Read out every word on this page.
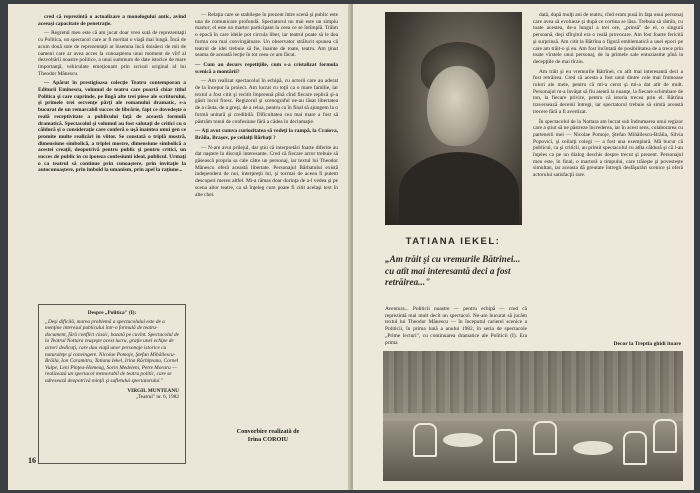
cred că reprezintă o actualizare a monologului antic, avînd aceeaşi capacitate de penetraţie.

— Regretul meu este că am jucat doar vreo sută de reprezentaţii cu Politica, un spectacol care ar fi meritat o viaţă mai lungă. Încă de acum două sute de reprezentaţii ar însemna încă doisăeci de mii de oameni care ar avea acces la cunoaşterea unui moment de vîrf al dezvoltării noastre politice, a unui summum de date istorice de mare importanţă, vehiculate emoţionant prin scrisul original al lui Theodor Mănescu.

— Apărut în prestigioasa colecţie Teatru contemporan a Editurii Eminescu, volumul de teatru care poartă chiar titlul Politica şi care cuprinde, pe lîngă alte trei piese ale scriitorului, şi primele trei secvenţe părţi ale romanului dramatic, s-a bucurat de un remarcabil succes de librărie, fapt ce dovedeşte o reală receptivitate a publicului faţă de această formulă dramatică. Spectacolul şi volumul au fost salutaţi de critici cu o căldură şi o consideraţie care conferă o uşă înaintea unui gen ce promite multe realizări în viitor. Se constată o triplă mostră, dimensiune simbolică, a triplei mostre, dimensiune simbolică a acestei creaţii, deopotrivă pentru public şi pentru critici, un succes de public în cu ipoteza confesiunii ideal, publicul. Urmaţi o ca teatrul să continue prin cunoaştere, prin invitaţie la autocunoaştere, prin imbold la umanism, prin apel la raţiune...

— Relaţia care se stabileşte în prezent între scenă şi public este una de comunicare profundă. Spectatorul nu mai este un simplu martor; el este un martor participant la ceea ce se întîmplă. Trăim o epocă în care ideile pot circula liber, iar teatrul poate să le dea forma cea mai convingătoare. Un observator strălucit spunea că teatrul de idei trebuie să fie, înainte de toate, teatru. Am ţinut seama de această lecţie în tot ceea ce am făcut.

— Cum au decurs repetiţiile, cum s-a cristalizat formula scenică a montării?

— Am realizat spectacolul în echipă, cu actorii care au aderat de la început la proiect. Am lucrat cu toţii ca o mare familie, iar textul a fost citit şi recitit împreună pînă cînd fiecare replică şi-a găsit locul firesc. Regizorul şi scenograful ne-au lăsat libertatea de a căuta, de a greşi, de a relua, pentru ca în final să ajungem la o formă unitară şi credibilă. Dificultatea cea mai mare a fost să păstrăm tonul de confesiune fără a cădea în declamaţie.

— Aţi avut cumva curiozitatea să vedeţi la rampă, la Craiova, Brăila, Braşov, pe ceilalţi Bărbaţi ?

— N-am avut prilejul, dar ştiu că interpretări foarte diferite au dat naştere la discuţii interesante. Cred că fiecare actor trebuie să găsească propria sa cale către un personaj, iar textul lui Theodor Mănescu oferă această libertate. Personajul Bărbatului există independent de noi, interpreţii lui, şi tocmai de aceea îl putem descoperi mereu altfel. Mi-a rămas doar dorinţa de a-l vedea şi pe scena altor teatre, ca să înţeleg cum poate fi citit acelaşi text în alte chei.

Despre „Politica" (I):
„Deşi dificilă, marea problemă a spectacolului este de a menţine interesul publicului într-o formulă de teatru-document, fără conflict clasic, bazată pe cuvînt. Spectacolul de la Teatrul Nottara reuşeşte acest lucru, graţie unei echipe de actori dedicaţi, care dau viaţă unor personaje istorice cu naturaleţe şi convingere. Nicolae Pomoje, Ştefan Mihăilescu-Brăila, Ion Caramitru, Tatiana Iekel, Irina Răchiţeanu, Cornel Vulpe, Leni Pinţea-Homeag, Sorin Medeleni, Petre Moraru — realizează un spectacol memorabil de teatru politic, care se adresează deopotrivă minţii şi sufletului spectatorului."
VIRGIL MUNTEANU
„Teatrul" nr. 6, 1982
Convorbire realizată de
Irina COROIU
16
TATIANA IEKEL:
„Am trăit şi cu vremurile Bătrînei... cu atît mai interesantă deci a fost retrăirea..."
Aventura... Politicii noastre — pentru echipă — cred că reprezintă mai mult decît un spectacol. Ne-am bucurat să jucăm textul lui Theodor Mănescu — în începutul carierei scenice a Politicii, în prima lună a anului 1982, în seria de spectacole „Prime lecturi", cu continuarea dramatice ale Politicii (I). Era prima

dată, după mulţi ani de teatru, cînd eram pusă în faţa unui personaj care avea să evolueze şi după ce cortina se lăsa. Trebuia să rămîn, cu toate acestea, de-a lungul a trei ore, „prinsă" de el, o singură persoană, deşi sfîrşitul era o reală provocare. Am fost foarte fericită şi surprinsă. Am citit la Bătrîna o figură emblematică a unei epoci pe care am trăit-o şi eu. Am fost încîntată de posibilitatea de a trece prin toate vîrstele unui personaj, de la primele sale entuziasme pînă la decepţiile de mai tîrziu.

Am trăit şi eu vremurile Bătrînei, cu atît mai interesantă deci a fost retrăirea. Cred că acesta a fost unul dintre cele mai frumoase roluri ale mele, pentru că mi-a cerut şi mi-a dat atît de mult. Personajul m-a învăţat să fiu atentă la nuanţe, la fiecare schimbare de ton, la fiecare privire, pentru că istoria trecea prin el. Bătrîna traversează decenii întregi, iar spectatorul trebuie să simtă această trecere fără a fi avertizat.

În spectacolul de la Nottara am lucrat sub îndrumarea unui regizor care a ştiut să ne păstreze încrederea, iar în acest sens, colaborarea cu partenerii mei — Nicolae Pomoje, Ştefan Mihăilescu-Brăila, Silvia Popovici, şi ceilalţi colegi — a fost una exemplară. Mă bucur că publicul, ca şi criticii, au primit spectacolul cu atîta căldură şi că l-au înţeles ca pe un dialog deschis despre trecut şi prezent. Personajul meu este, în final, o martoră a timpului, care trăieşte şi povesteşte simultan, iar aceasta dă greutate întregii desfăşurări scenice şi oferă actorului satisfacţii rare.

Decor la Treptia ghidi itoare
